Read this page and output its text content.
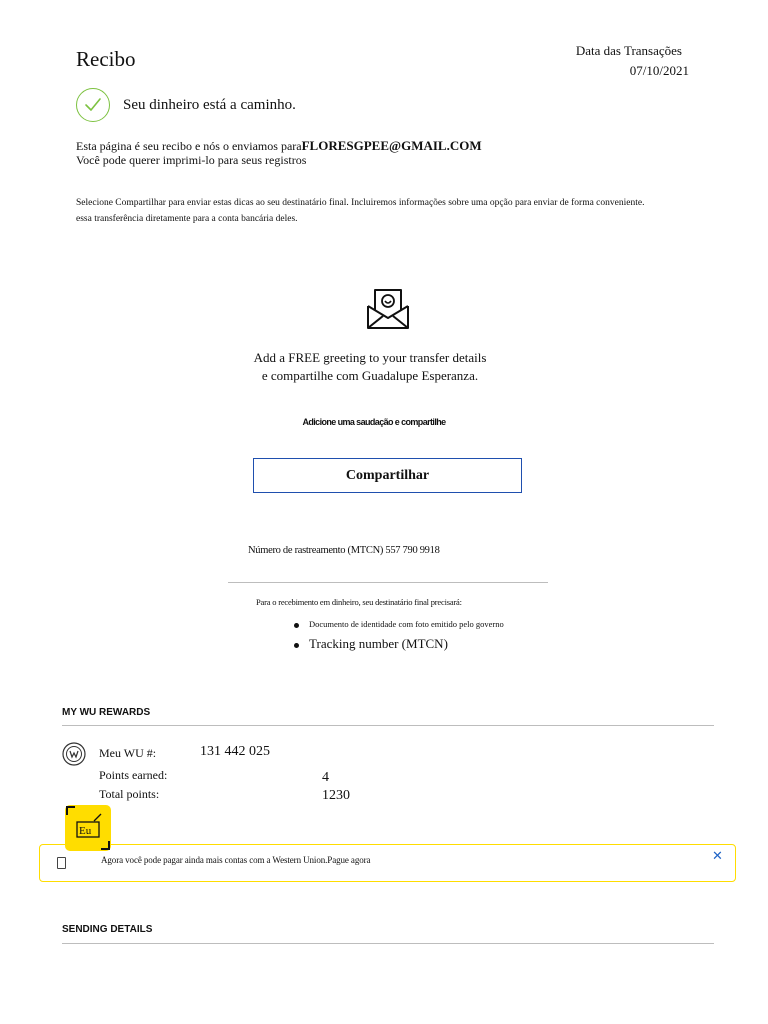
Recibo	Data das Transações
07/10/2021
Seu dinheiro está a caminho.
Esta página é seu recibo e nós o enviamos paraFLORESGPEE@GMAIL.COM
Você pode querer imprimi-lo para seus registros
Selecione Compartilhar para enviar estas dicas ao seu destinatário final. Incluiremos informações sobre uma opção para enviar de forma conveniente.
essa transferência diretamente para a conta bancária deles.
Add a FREE greeting to your transfer details
e compartilhe com Guadalupe Esperanza.
Adicione uma saudação e compartilhe
Compartilhar
Número de rastreamento (MTCN) 557 790 9918
Para o recebimento em dinheiro, seu destinatário final precisará:
Documento de identidade com foto emitido pelo governo
Tracking number (MTCN)
MY WU REWARDS
Meu WU #:	131 442 025
Points earned:	4
Total points:	1230
Eu
Agora você pode pagar ainda mais contas com a Western Union.Pague agora	✕
SENDING DETAILS
